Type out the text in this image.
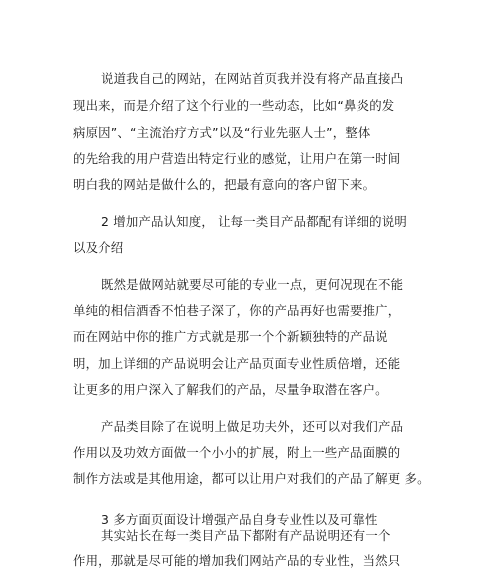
说道我自己的网站，在网站首页我并没有将产品直接凸
现出来，而是介绍了这个行业的一些动态，比如“鼻炎的发
病原因”、“主流治疗方式”以及“行业先驱人士”，整体
的先给我的用户营造出特定行业的感觉，让用户在第一时间
明白我的网站是做什么的，把最有意向的客户留下来。
2 增加产品认知度， 让每一类目产品都配有详细的说明
以及介绍
既然是做网站就要尽可能的专业一点，更何况现在不能
单纯的相信酒香不怕巷子深了，你的产品再好也需要推广，
而在网站中你的推广方式就是那一个个新颖独特的产品说
明，加上详细的产品说明会让产品页面专业性质倍增，还能
让更多的用户深入了解我们的产品，尽量争取潜在客户。
产品类目除了在说明上做足功夫外，还可以对我们产品
作用以及功效方面做一个小小的扩展，附上一些产品面膜的
制作方法或是其他用途，都可以让用户对我们的产品了解更 多。
3 多方面页面设计增强产品自身专业性以及可靠性
其实站长在每一类目产品下都附有产品说明还有一个
作用，那就是尽可能的增加我们网站产品的专业性，当然只
